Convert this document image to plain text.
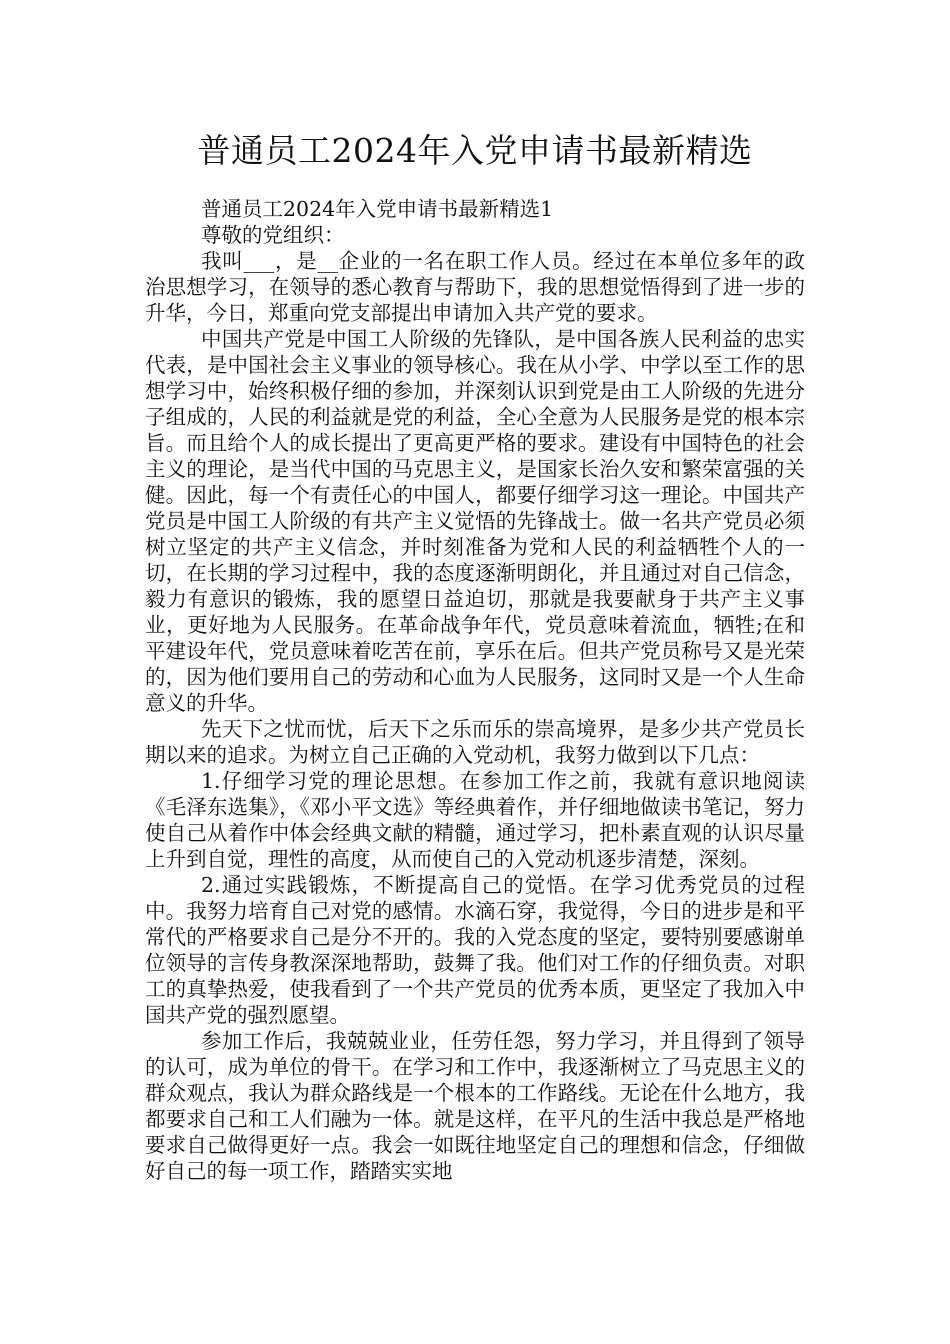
普通员工2024年入党申请书最新精选

普通员工2024年入党申请书最新精选1

尊敬的党组织：

我叫___，是__企业的一名在职工作人员。经过在本单位多年的政治思想学习，在领导的悉心教育与帮助下，我的思想觉悟得到了进一步的升华，今日，郑重向党支部提出申请加入共产党的要求。

中国共产党是中国工人阶级的先锋队，是中国各族人民利益的忠实代表，是中国社会主义事业的领导核心。我在从小学、中学以至工作的思想学习中，始终积极仔细的参加，并深刻认识到党是由工人阶级的先进分子组成的，人民的利益就是党的利益，全心全意为人民服务是党的根本宗旨。而且给个人的成长提出了更高更严格的要求。建设有中国特色的社会主义的理论，是当代中国的马克思主义，是国家长治久安和繁荣富强的关健。因此，每一个有责任心的中国人，都要仔细学习这一理论。中国共产党员是中国工人阶级的有共产主义觉悟的先锋战士。做一名共产党员必须树立坚定的共产主义信念，并时刻准备为党和人民的利益牺牲个人的一切，在长期的学习过程中，我的态度逐渐明朗化，并且通过对自己信念，毅力有意识的锻炼，我的愿望日益迫切，那就是我要献身于共产主义事业，更好地为人民服务。在革命战争年代，党员意味着流血，牺牲;在和平建设年代，党员意味着吃苦在前，享乐在后。但共产党员称号又是光荣的，因为他们要用自己的劳动和心血为人民服务，这同时又是一个人生命意义的升华。

先天下之忧而忧，后天下之乐而乐的崇高境界，是多少共产党员长期以来的追求。为树立自己正确的入党动机，我努力做到以下几点：

1.仔细学习党的理论思想。在参加工作之前，我就有意识地阅读《毛泽东选集》，《邓小平文选》等经典着作，并仔细地做读书笔记，努力使自己从着作中体会经典文献的精髓，通过学习，把朴素直观的认识尽量上升到自觉，理性的高度，从而使自己的入党动机逐步清楚，深刻。

2.通过实践锻炼，不断提高自己的觉悟。在学习优秀党员的过程中。我努力培育自己对党的感情。水滴石穿，我觉得，今日的进步是和平常代的严格要求自己是分不开的。我的入党态度的坚定，要特别要感谢单位领导的言传身教深深地帮助，鼓舞了我。他们对工作的仔细负责。对职工的真挚热爱，使我看到了一个共产党员的优秀本质，更坚定了我加入中国共产党的强烈愿望。

参加工作后，我兢兢业业，任劳任怨，努力学习，并且得到了领导的认可，成为单位的骨干。在学习和工作中，我逐渐树立了马克思主义的群众观点，我认为群众路线是一个根本的工作路线。无论在什么地方，我都要求自己和工人们融为一体。就是这样，在平凡的生活中我总是严格地要求自己做得更好一点。我会一如既往地坚定自己的理想和信念，仔细做好自己的每一项工作，踏踏实实地
